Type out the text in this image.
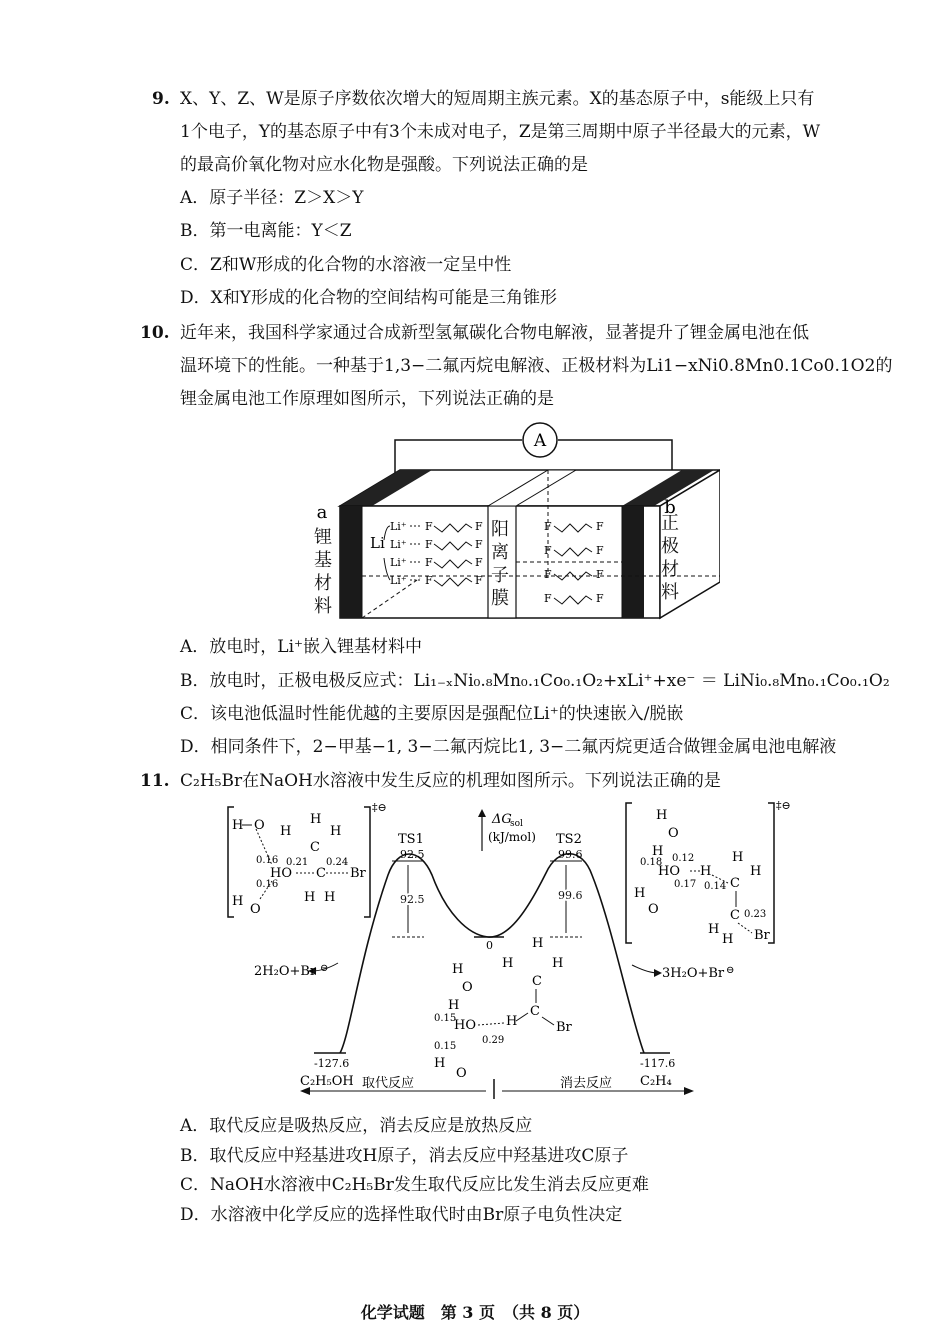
9. X、Y、Z、W是原子序数依次增大的短周期主族元素。X的基态原子中，s能级上只有
1个电子，Y的基态原子中有3个未成对电子，Z是第三周期中原子半径最大的元素，W
的最高价氧化物对应水化物是强酸。下列说法正确的是
A．原子半径：Z＞X＞Y
B．第一电离能：Y＜Z
C．Z和W形成的化合物的水溶液一定呈中性
D．X和Y形成的化合物的空间结构可能是三角锥形
10. 近年来，我国科学家通过合成新型氢氟碳化合物电解液，显著提升了锂金属电池在低
温环境下的性能。一种基于1,3−二氟丙烷电解液、正极材料为Li1−xNi0.8Mn0.1Co0.1O2的
锂金属电池工作原理如图所示，下列说法正确的是
A
Li
Li⁺
Li⁺
Li⁺
Li⁺
F
F
F
F
F
F
F
F
F
F
F
F
F
F
F
F
a	b
锂基材料
阳离子膜
正极材料
A．放电时，Li⁺嵌入锂基材料中
B．放电时，正极电极反应式：Li₁₋ₓNi₀.₈Mn₀.₁Co₀.₁O₂+xLi⁺+xe⁻ ＝ LiNi₀.₈Mn₀.₁Co₀.₁O₂
C．该电池低温时性能优越的主要原因是强配位Li⁺的快速嵌入/脱嵌
D．相同条件下，2−甲基−1, 3−二氟丙烷比1, 3−二氟丙烷更适合做锂金属电池电解液
11. C₂H₅Br在NaOH水溶液中发生反应的机理如图所示。下列说法正确的是
‡⊖
H O H
H
H
C
0.16 0.21 0.24
HO C Br
0.16
H
O
H H
‡⊖
H
O
H
0.18 0.12
HO H
0.17 0.14
H
C
H
H
O	C 0.23
H
H Br
ΔG
sol
(kJ/mol)
TS1
92.5
92.5
TS2
99.6
99.6
0
H
O
H
0.15
HO
0.29
0.15
H
O
H
H
H	H
C
C
Br
2H₂O+Br ⊖	3H₂O+Br ⊖
-127.6
C₂H₅OH
-117.6
C₂H₄
取代反应	消去反应
A．取代反应是吸热反应，消去反应是放热反应
B．取代反应中羟基进攻H原子，消去反应中羟基进攻C原子
C．NaOH水溶液中C₂H₅Br发生取代反应比发生消去反应更难
D．水溶液中化学反应的选择性取代时由Br原子电负性决定
化学试题　第 3 页　（共 8 页）
